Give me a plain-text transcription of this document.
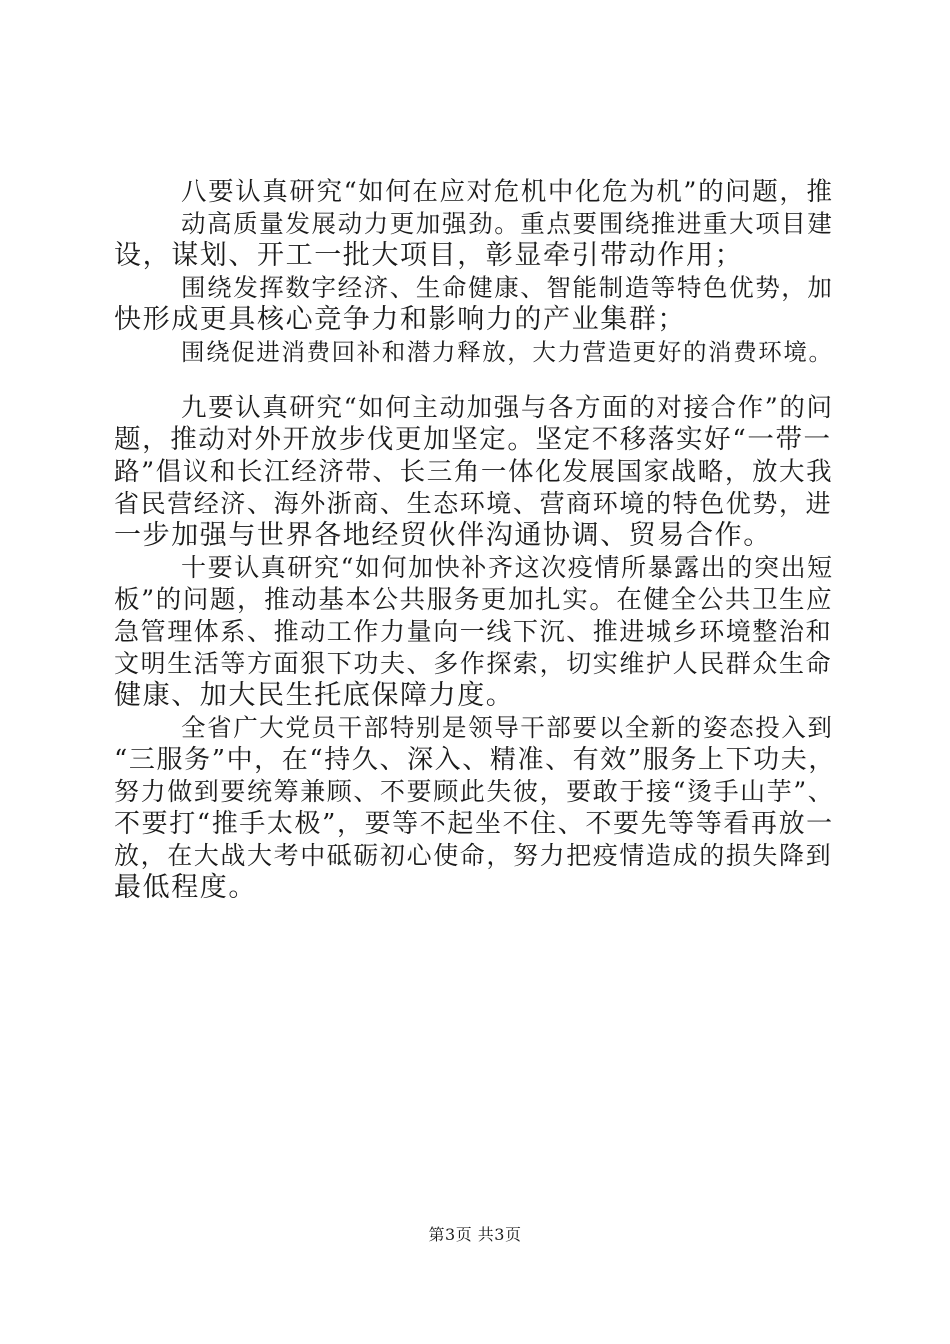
八要认真研究“如何在应对危机中化危为机”的问题，推
动高质量发展动力更加强劲。重点要围绕推进重大项目建
设，谋划、开工一批大项目，彰显牵引带动作用；
围绕发挥数字经济、生命健康、智能制造等特色优势，加
快形成更具核心竞争力和影响力的产业集群；
围绕促进消费回补和潜力释放，大力营造更好的消费环境。
九要认真研究“如何主动加强与各方面的对接合作”的问
题，推动对外开放步伐更加坚定。坚定不移落实好“一带一
路”倡议和长江经济带、长三角一体化发展国家战略，放大我
省民营经济、海外浙商、生态环境、营商环境的特色优势，进
一步加强与世界各地经贸伙伴沟通协调、贸易合作。
十要认真研究“如何加快补齐这次疫情所暴露出的突出短
板”的问题，推动基本公共服务更加扎实。在健全公共卫生应
急管理体系、推动工作力量向一线下沉、推进城乡环境整治和
文明生活等方面狠下功夫、多作探索，切实维护人民群众生命
健康、加大民生托底保障力度。
全省广大党员干部特别是领导干部要以全新的姿态投入到
“三服务”中，在“持久、深入、精准、有效”服务上下功夫，
努力做到要统筹兼顾、不要顾此失彼，要敢于接“烫手山芋”、
不要打“推手太极”，要等不起坐不住、不要先等等看再放一
放，在大战大考中砥砺初心使命，努力把疫情造成的损失降到
最低程度。
第3页 共3页
